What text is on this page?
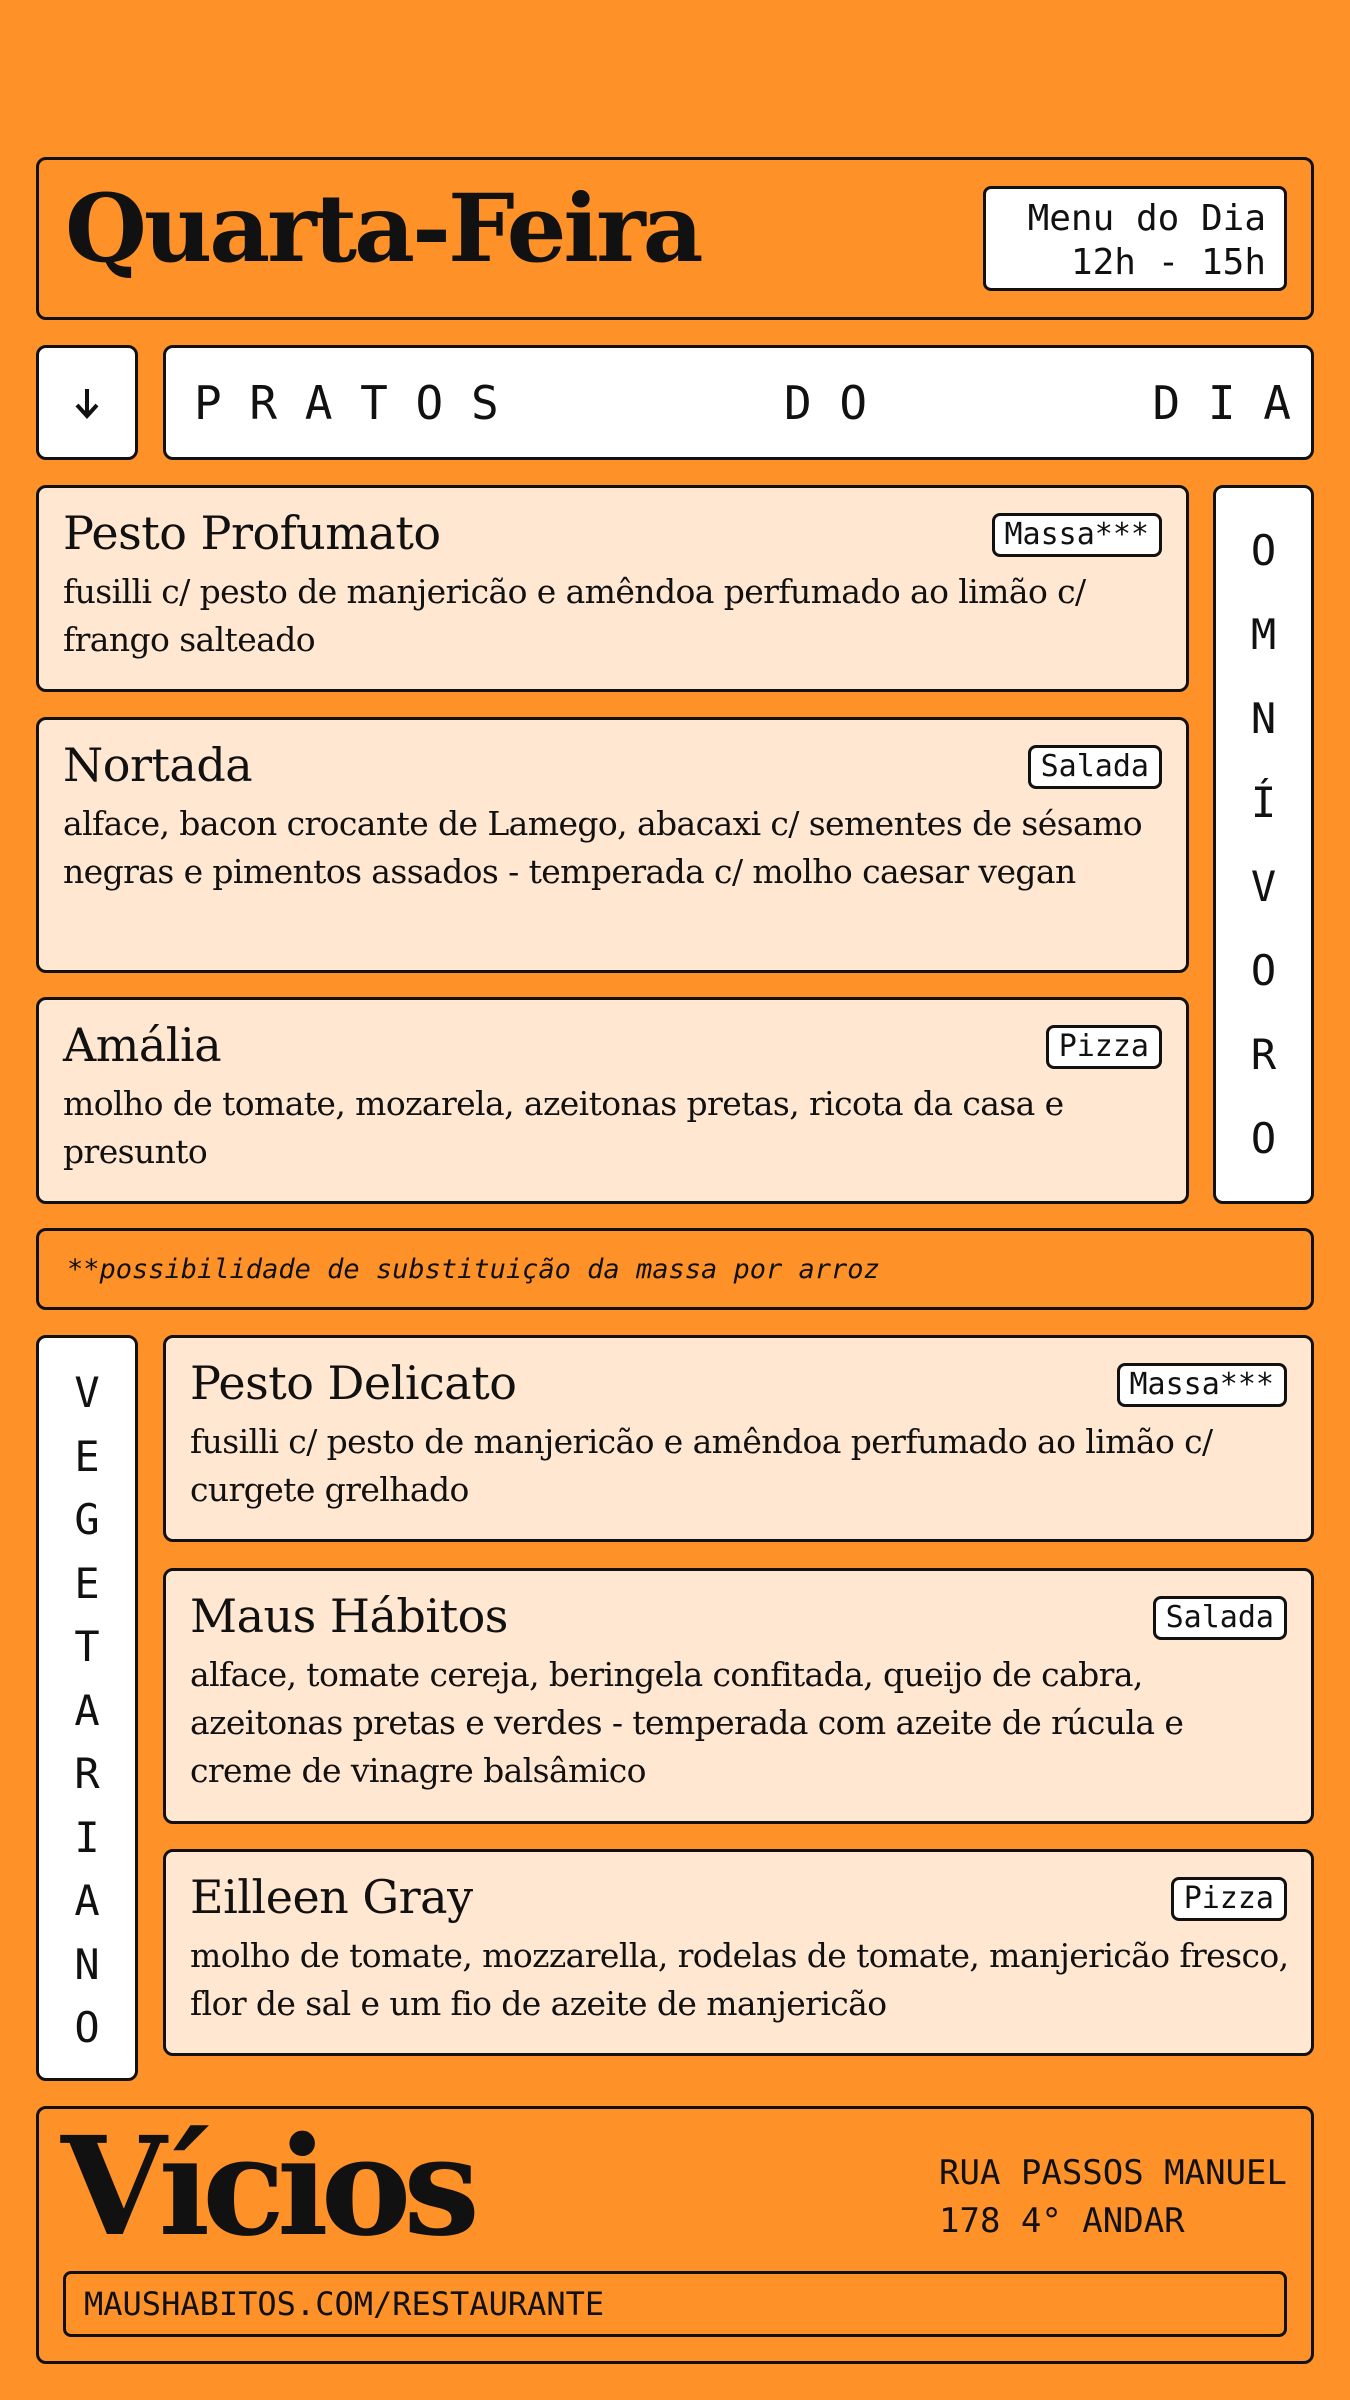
Quarta-Feira	Menu do Dia
12h - 15h
P R A T O S	D O	D I A
Pesto Profumato	Massa***
fusilli c/ pesto de manjericão e amêndoa perfumado ao limão c/ frango salteado
Nortada	Salada
alface, bacon crocante de Lamego, abacaxi c/ sementes de sésamo negras e pimentos assados - temperada c/ molho caesar vegan
Amália	Pizza
molho de tomate, mozarela, azeitonas pretas, ricota da casa e presunto
O
M
N
Í
V
O
R
O
**possibilidade de substituição da massa por arroz
V
E
G
E
T
A
R
I
A
N
O
Pesto Delicato	Massa***
fusilli c/ pesto de manjericão e amêndoa perfumado ao limão c/ curgete grelhado
Maus Hábitos	Salada
alface, tomate cereja, beringela confitada, queijo de cabra, azeitonas pretas e verdes - temperada com azeite de rúcula e creme de vinagre balsâmico
Eilleen Gray	Pizza
molho de tomate, mozzarella, rodelas de tomate, manjericão fresco, flor de sal e um fio de azeite de manjericão
Vícios	RUA PASSOS MANUEL
178 4° ANDAR
MAUSHABITOS.COM/RESTAURANTE
